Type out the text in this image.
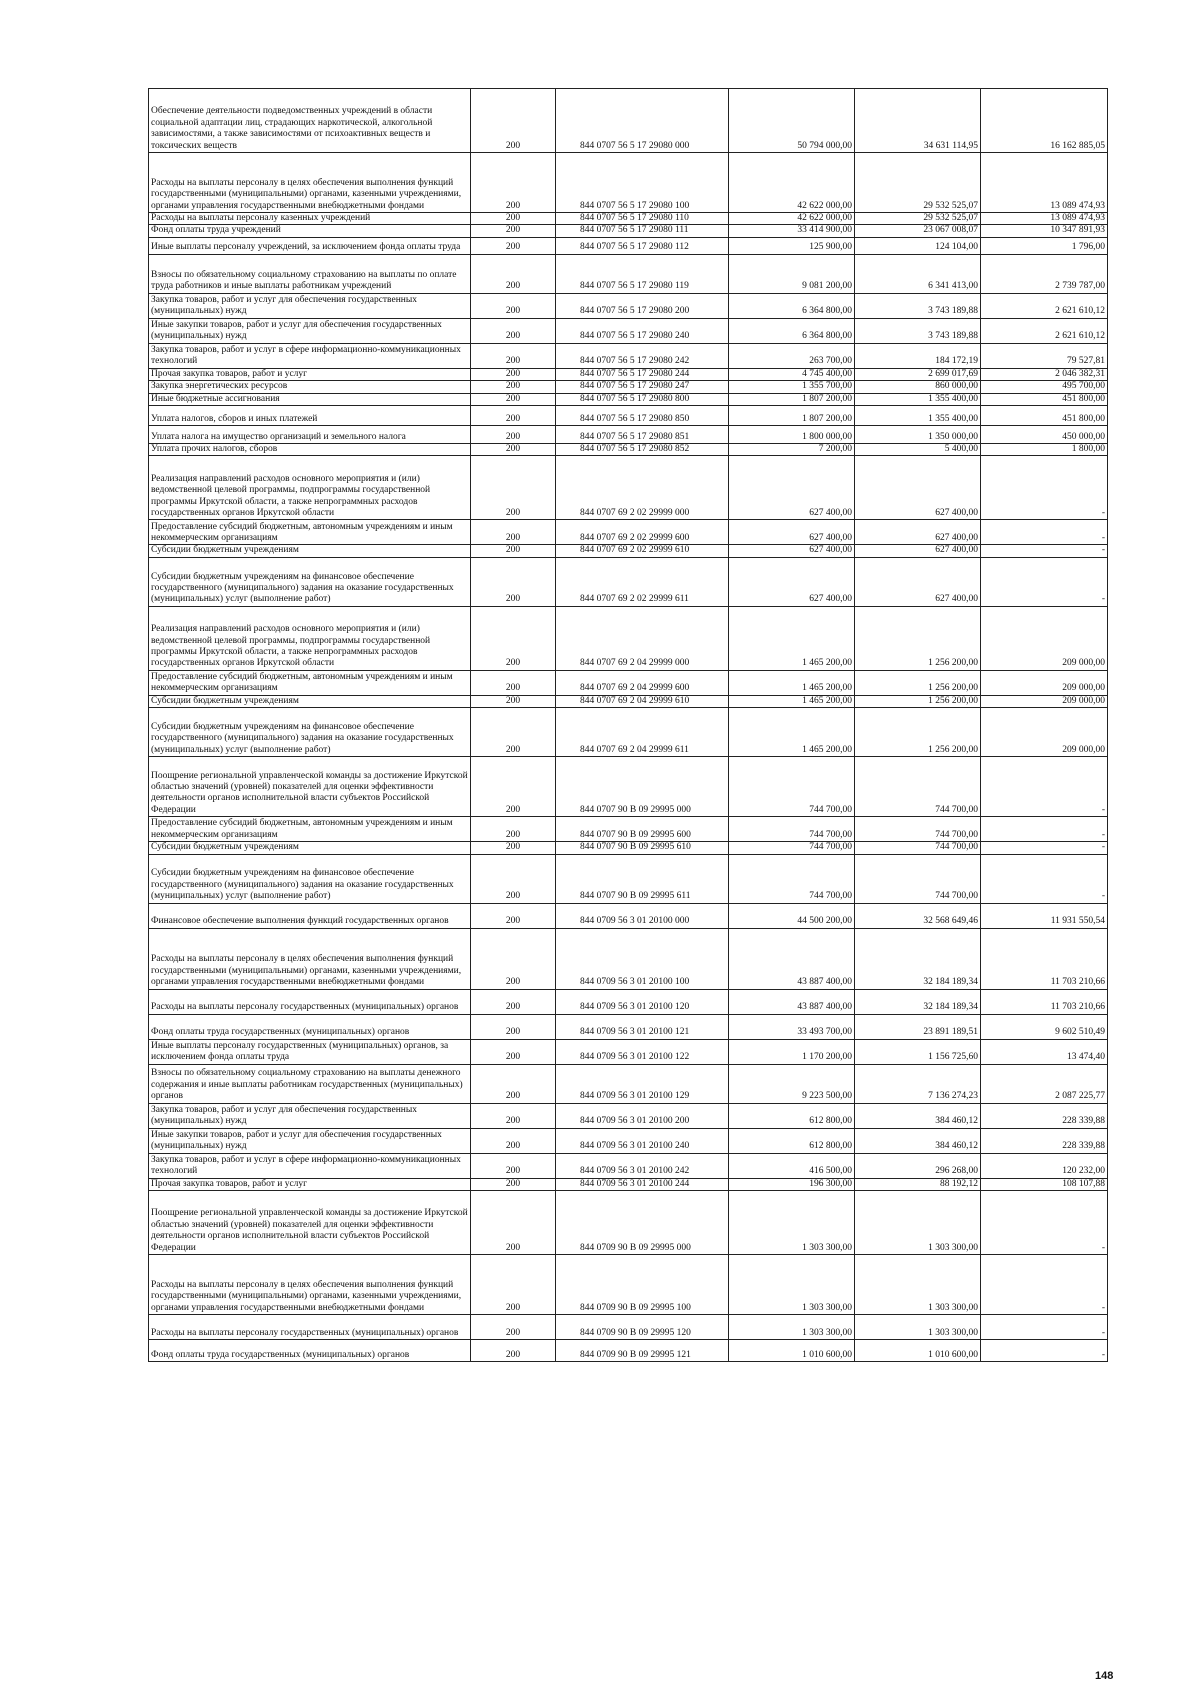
Обеспечение деятельности подведомственных учреждений в области социальной адаптации лиц, страдающих наркотической, алкогольной зависимостями, а также зависимостями от психоактивных веществ и токсических веществ	200	844 0707 56 5 17 29080 000	50 794 000,00	34 631 114,95	16 162 885,05
Расходы на выплаты персоналу в целях обеспечения выполнения функций государственными (муниципальными) органами, казенными учреждениями, органами управления государственными внебюджетными фондами	200	844 0707 56 5 17 29080 100	42 622 000,00	29 532 525,07	13 089 474,93
Расходы на выплаты персоналу казенных учреждений	200	844 0707 56 5 17 29080 110	42 622 000,00	29 532 525,07	13 089 474,93
Фонд оплаты труда учреждений	200	844 0707 56 5 17 29080 111	33 414 900,00	23 067 008,07	10 347 891,93
Иные выплаты персоналу учреждений, за исключением фонда оплаты труда	200	844 0707 56 5 17 29080 112	125 900,00	124 104,00	1 796,00
Взносы по обязательному социальному страхованию на выплаты по оплате труда работников и иные выплаты работникам учреждений	200	844 0707 56 5 17 29080 119	9 081 200,00	6 341 413,00	2 739 787,00
Закупка товаров, работ и услуг для обеспечения государственных (муниципальных) нужд	200	844 0707 56 5 17 29080 200	6 364 800,00	3 743 189,88	2 621 610,12
Иные закупки товаров, работ и услуг для обеспечения государственных (муниципальных) нужд	200	844 0707 56 5 17 29080 240	6 364 800,00	3 743 189,88	2 621 610,12
Закупка товаров, работ и услуг в сфере информационно-коммуникационных технологий	200	844 0707 56 5 17 29080 242	263 700,00	184 172,19	79 527,81
Прочая закупка товаров, работ и услуг	200	844 0707 56 5 17 29080 244	4 745 400,00	2 699 017,69	2 046 382,31
Закупка энергетических ресурсов	200	844 0707 56 5 17 29080 247	1 355 700,00	860 000,00	495 700,00
Иные бюджетные ассигнования	200	844 0707 56 5 17 29080 800	1 807 200,00	1 355 400,00	451 800,00
Уплата налогов, сборов и иных платежей	200	844 0707 56 5 17 29080 850	1 807 200,00	1 355 400,00	451 800,00
Уплата налога на имущество организаций и земельного налога	200	844 0707 56 5 17 29080 851	1 800 000,00	1 350 000,00	450 000,00
Уплата прочих налогов, сборов	200	844 0707 56 5 17 29080 852	7 200,00	5 400,00	1 800,00
Реализация направлений расходов основного мероприятия и (или) ведомственной целевой программы, подпрограммы государственной программы Иркутской области, а также непрограммных расходов государственных органов Иркутской области	200	844 0707 69 2 02 29999 000	627 400,00	627 400,00	-
Предоставление субсидий бюджетным, автономным учреждениям и иным некоммерческим организациям	200	844 0707 69 2 02 29999 600	627 400,00	627 400,00	-
Субсидии бюджетным учреждениям	200	844 0707 69 2 02 29999 610	627 400,00	627 400,00	-
Субсидии бюджетным учреждениям на финансовое обеспечение государственного (муниципального) задания на оказание государственных (муниципальных) услуг (выполнение работ)	200	844 0707 69 2 02 29999 611	627 400,00	627 400,00	-
Реализация направлений расходов основного мероприятия и (или) ведомственной целевой программы, подпрограммы государственной программы Иркутской области, а также непрограммных расходов государственных органов Иркутской области	200	844 0707 69 2 04 29999 000	1 465 200,00	1 256 200,00	209 000,00
Предоставление субсидий бюджетным, автономным учреждениям и иным некоммерческим организациям	200	844 0707 69 2 04 29999 600	1 465 200,00	1 256 200,00	209 000,00
Субсидии бюджетным учреждениям	200	844 0707 69 2 04 29999 610	1 465 200,00	1 256 200,00	209 000,00
Субсидии бюджетным учреждениям на финансовое обеспечение государственного (муниципального) задания на оказание государственных (муниципальных) услуг (выполнение работ)	200	844 0707 69 2 04 29999 611	1 465 200,00	1 256 200,00	209 000,00
Поощрение региональной управленческой команды за достижение Иркутской областью значений (уровней) показателей для оценки эффективности деятельности органов исполнительной власти субъектов Российской Федерации	200	844 0707 90 В 09 29995 000	744 700,00	744 700,00	-
Предоставление субсидий бюджетным, автономным учреждениям и иным некоммерческим организациям	200	844 0707 90 В 09 29995 600	744 700,00	744 700,00	-
Субсидии бюджетным учреждениям	200	844 0707 90 В 09 29995 610	744 700,00	744 700,00	-
Субсидии бюджетным учреждениям на финансовое обеспечение государственного (муниципального) задания на оказание государственных (муниципальных) услуг (выполнение работ)	200	844 0707 90 В 09 29995 611	744 700,00	744 700,00	-
Финансовое обеспечение выполнения функций государственных органов	200	844 0709 56 3 01 20100 000	44 500 200,00	32 568 649,46	11 931 550,54
Расходы на выплаты персоналу в целях обеспечения выполнения функций государственными (муниципальными) органами, казенными учреждениями, органами управления государственными внебюджетными фондами	200	844 0709 56 3 01 20100 100	43 887 400,00	32 184 189,34	11 703 210,66
Расходы на выплаты персоналу государственных (муниципальных) органов	200	844 0709 56 3 01 20100 120	43 887 400,00	32 184 189,34	11 703 210,66
Фонд оплаты труда государственных (муниципальных) органов	200	844 0709 56 3 01 20100 121	33 493 700,00	23 891 189,51	9 602 510,49
Иные выплаты персоналу государственных (муниципальных) органов, за исключением фонда оплаты труда	200	844 0709 56 3 01 20100 122	1 170 200,00	1 156 725,60	13 474,40
Взносы по обязательному социальному страхованию на выплаты денежного содержания и иные выплаты работникам государственных (муниципальных) органов	200	844 0709 56 3 01 20100 129	9 223 500,00	7 136 274,23	2 087 225,77
Закупка товаров, работ и услуг для обеспечения государственных (муниципальных) нужд	200	844 0709 56 3 01 20100 200	612 800,00	384 460,12	228 339,88
Иные закупки товаров, работ и услуг для обеспечения государственных (муниципальных) нужд	200	844 0709 56 3 01 20100 240	612 800,00	384 460,12	228 339,88
Закупка товаров, работ и услуг в сфере информационно-коммуникационных технологий	200	844 0709 56 3 01 20100 242	416 500,00	296 268,00	120 232,00
Прочая закупка товаров, работ и услуг	200	844 0709 56 3 01 20100 244	196 300,00	88 192,12	108 107,88
Поощрение региональной управленческой команды за достижение Иркутской областью значений (уровней) показателей для оценки эффективности деятельности органов исполнительной власти субъектов Российской Федерации	200	844 0709 90 В 09 29995 000	1 303 300,00	1 303 300,00	-
Расходы на выплаты персоналу в целях обеспечения выполнения функций государственными (муниципальными) органами, казенными учреждениями, органами управления государственными внебюджетными фондами	200	844 0709 90 В 09 29995 100	1 303 300,00	1 303 300,00	-
Расходы на выплаты персоналу государственных (муниципальных) органов	200	844 0709 90 В 09 29995 120	1 303 300,00	1 303 300,00	-
Фонд оплаты труда государственных (муниципальных) органов	200	844 0709 90 В 09 29995 121	1 010 600,00	1 010 600,00	-
148
